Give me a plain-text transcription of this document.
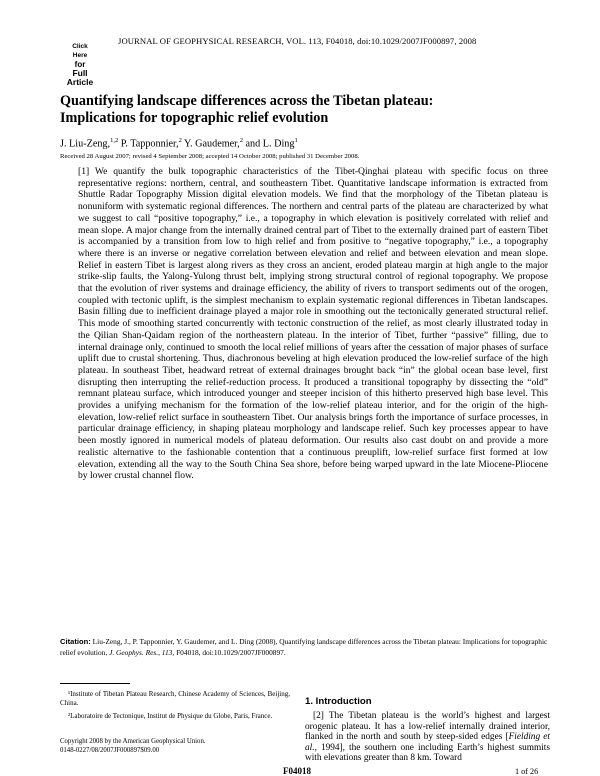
Click
Here
for
Full
Article
JOURNAL OF GEOPHYSICAL RESEARCH, VOL. 113, F04018, doi:10.1029/2007JF000897, 2008
Quantifying landscape differences across the Tibetan plateau: Implications for topographic relief evolution
J. Liu-Zeng,$^{1,2}$ P. Tapponnier,$^2$ Y. Gaudemer,$^2$ and L. Ding$^1$
Received 28 August 2007; revised 4 September 2008; accepted 14 October 2008; published 31 December 2008.
[1] We quantify the bulk topographic characteristics of the Tibet-Qinghai plateau with specific focus on three representative regions: northern, central, and southeastern Tibet. Quantitative landscape information is extracted from Shuttle Radar Topography Mission digital elevation models. We find that the morphology of the Tibetan plateau is nonuniform with systematic regional differences. The northern and central parts of the plateau are characterized by what we suggest to call “positive topography,” i.e., a topography in which elevation is positively correlated with relief and mean slope. A major change from the internally drained central part of Tibet to the externally drained part of eastern Tibet is accompanied by a transition from low to high relief and from positive to “negative topography,” i.e., a topography where there is an inverse or negative correlation between elevation and relief and between elevation and mean slope. Relief in eastern Tibet is largest along rivers as they cross an ancient, eroded plateau margin at high angle to the major strike-slip faults, the Yalong-Yulong thrust belt, implying strong structural control of regional topography. We propose that the evolution of river systems and drainage efficiency, the ability of rivers to transport sediments out of the orogen, coupled with tectonic uplift, is the simplest mechanism to explain systematic regional differences in Tibetan landscapes. Basin filling due to inefficient drainage played a major role in smoothing out the tectonically generated structural relief. This mode of smoothing started concurrently with tectonic construction of the relief, as most clearly illustrated today in the Qilian Shan-Qaidam region of the northeastern plateau. In the interior of Tibet, further “passive” filling, due to internal drainage only, continued to smooth the local relief millions of years after the cessation of major phases of surface uplift due to crustal shortening. Thus, diachronous beveling at high elevation produced the low-relief surface of the high plateau. In southeast Tibet, headward retreat of external drainages brought back “in” the global ocean base level, first disrupting then interrupting the relief-reduction process. It produced a transitional topography by dissecting the “old” remnant plateau surface, which introduced younger and steeper incision of this hitherto preserved high base level. This provides a unifying mechanism for the formation of the low-relief plateau interior, and for the origin of the high-elevation, low-relief relict surface in southeastern Tibet. Our analysis brings forth the importance of surface processes, in particular drainage efficiency, in shaping plateau morphology and landscape relief. Such key processes appear to have been mostly ignored in numerical models of plateau deformation. Our results also cast doubt on and provide a more realistic alternative to the fashionable contention that a continuous preuplift, low-relief surface first formed at low elevation, extending all the way to the South China Sea shore, before being warped upward in the late Miocene-Pliocene by lower crustal channel flow.
Citation: Liu-Zeng, J., P. Tapponnier, Y. Gaudemer, and L. Ding (2008), Quantifying landscape differences across the Tibetan plateau: Implications for topographic relief evolution, J. Geophys. Res., 113, F04018, doi:10.1029/2007JF000897.

¹Institute of Tibetan Plateau Research, Chinese Academy of Sciences, Beijing, China.

²Laboratoire de Tectonique, Institut de Physique du Globe, Paris, France.

Copyright 2008 by the American Geophysical Union.
0148-0227/08/2007JF000897$09.00
1. Introduction
[2] The Tibetan plateau is the world’s highest and largest orogenic plateau. It has a low-relief internally drained interior, flanked in the north and south by steep-sided edges [Fielding et al., 1994], the southern one including Earth’s highest summits with elevations greater than 8 km. Toward
F04018	1 of 26
